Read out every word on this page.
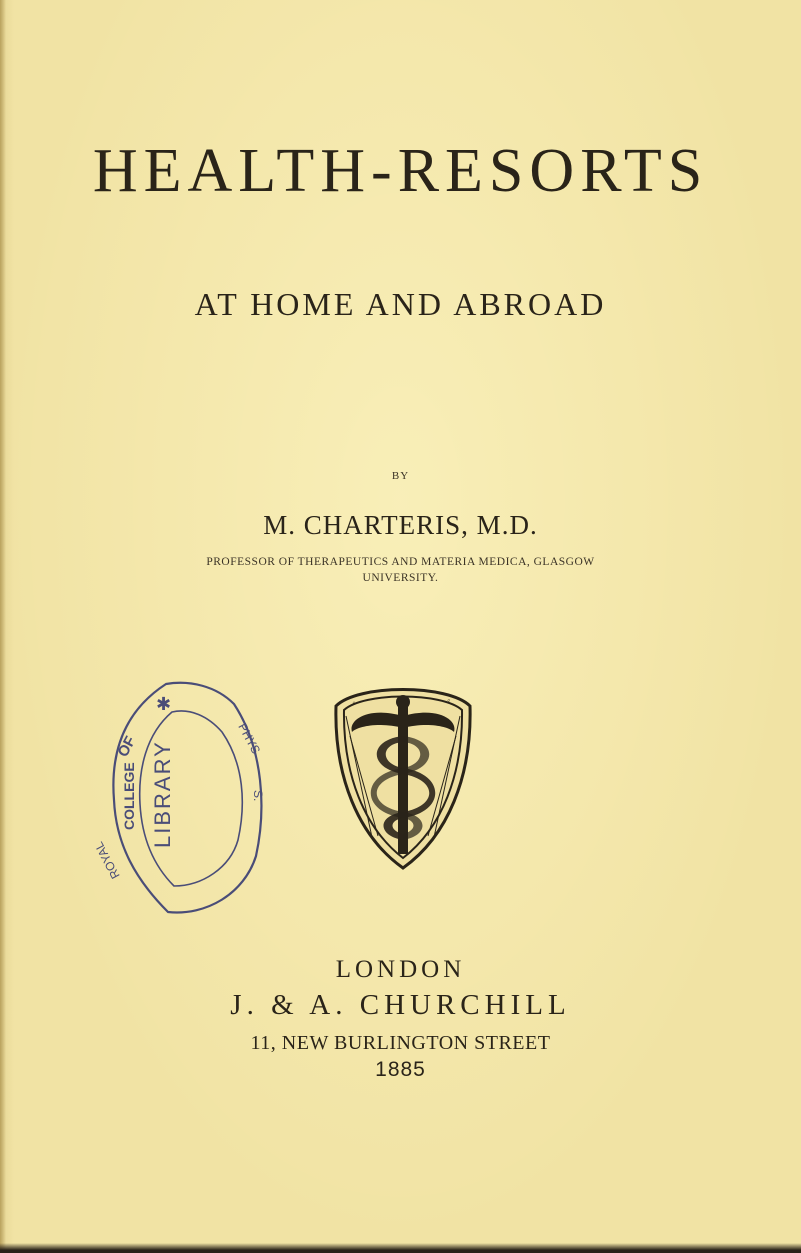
HEALTH-RESORTS
AT HOME AND ABROAD
BY
M. CHARTERIS, M.D.
PROFESSOR OF THERAPEUTICS AND MATERIA MEDICA, GLASGOW
UNIVERSITY.
COLLEGE
OF
ROYAL
PHYS
S.
LIBRARY
✱	◦	◦
LONDON
J. & A. CHURCHILL
11, NEW BURLINGTON STREET
1885
